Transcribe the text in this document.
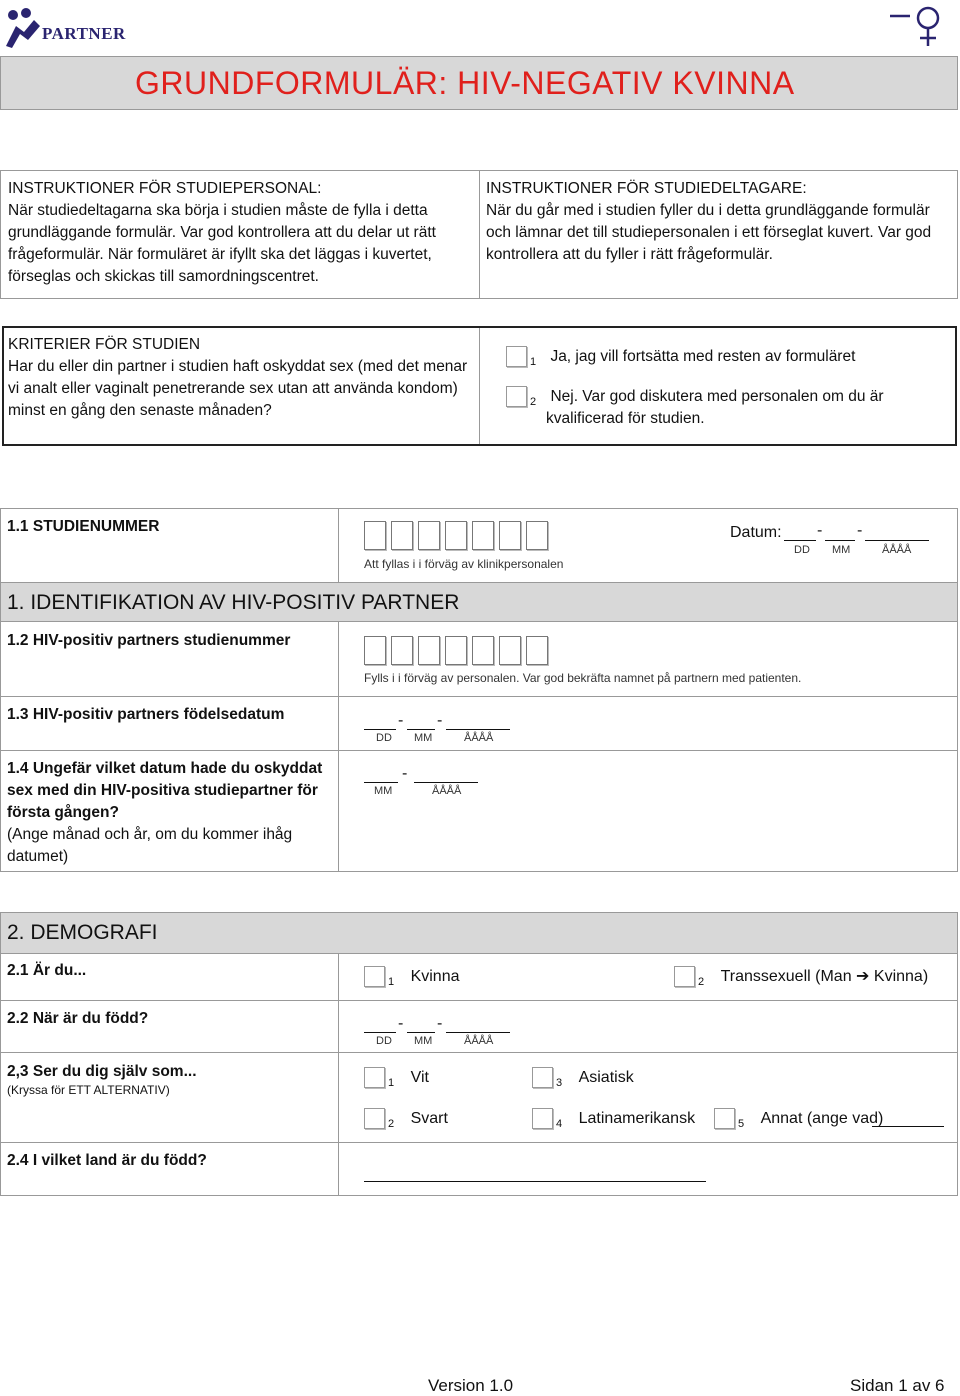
PARTNER
GRUNDFORMULÄR: HIV-NEGATIV KVINNA
INSTRUKTIONER FÖR STUDIEPERSONAL:
När studiedeltagarna ska börja i studien måste de fylla i detta
grundläggande formulär. Var god kontrollera att du delar ut rätt
frågeformulär. När formuläret är ifyllt ska det läggas i kuvertet,
förseglas och skickas till samordningscentret.
INSTRUKTIONER FÖR STUDIEDELTAGARE:
När du går med i studien fyller du i detta grundläggande formulär
och lämnar det till studiepersonalen i ett förseglat kuvert. Var god
kontrollera att du fyller i rätt frågeformulär.
KRITERIER FÖR STUDIEN
Har du eller din partner i studien haft oskyddat sex (med det menar
vi analt eller vaginalt penetrerande sex utan att använda kondom)
minst en gång den senaste månaden?
$_1$ Ja, jag vill fortsätta med resten av formuläret
$_2$ Nej. Var god diskutera med personalen om du är
kvalificerad för studien.
1. IDENTIFIKATION AV HIV-POSITIV PARTNER
1.1 STUDIENUMMER
Att fyllas i i förväg av klinikpersonalen
Datum: - -
DD MM	ÅÅÅÅ
1.2 HIV-positiv partners studienummer
Fylls i i förväg av personalen. Var god bekräfta namnet på partnern med patienten.
1.3 HIV-positiv partners födelsedatum	- -
DD MM	ÅÅÅÅ
1.4 Ungefär vilket datum hade du oskyddat
sex med din HIV-positiva studiepartner för
första gången?
(Ange månad och år, om du kommer ihåg
datumet)
-
MM	ÅÅÅÅ
2. DEMOGRAFI
2.1 Är du...
$_1$ Kvinna	$_2$ Transsexuell (Man ➔ Kvinna)
2.2 När är du född?	- -
DD MM	ÅÅÅÅ
2,3 Ser du dig själv som...
(Kryssa för ETT ALTERNATIV)	$_1$ Vit	$_3$ Asiatisk
$_2$ Svart	$_4$ Latinamerikansk	$_5$ Annat (ange vad)
2.4 I vilket land är du född?
Version 1.0	Sidan 1 av 6
